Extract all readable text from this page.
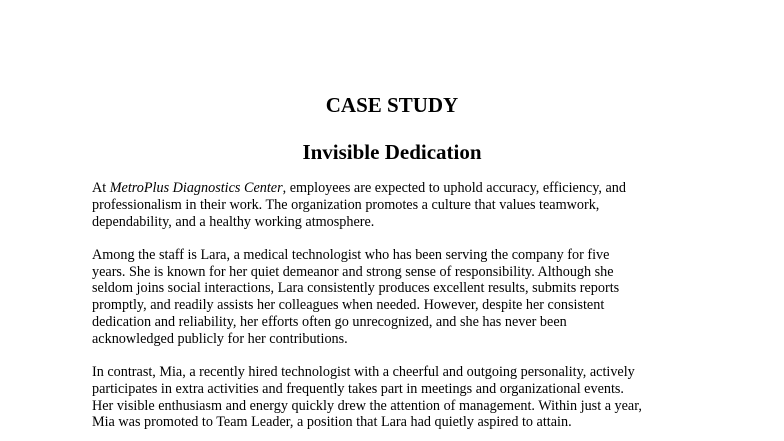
CASE STUDY
Invisible Dedication

At MetroPlus Diagnostics Center, employees are expected to uphold accuracy, efficiency, and
professionalism in their work. The organization promotes a culture that values teamwork,
dependability, and a healthy working atmosphere.

Among the staff is Lara, a medical technologist who has been serving the company for five
years. She is known for her quiet demeanor and strong sense of responsibility. Although she
seldom joins social interactions, Lara consistently produces excellent results, submits reports
promptly, and readily assists her colleagues when needed. However, despite her consistent
dedication and reliability, her efforts often go unrecognized, and she has never been
acknowledged publicly for her contributions.

In contrast, Mia, a recently hired technologist with a cheerful and outgoing personality, actively
participates in extra activities and frequently takes part in meetings and organizational events.
Her visible enthusiasm and energy quickly drew the attention of management. Within just a year,
Mia was promoted to Team Leader, a position that Lara had quietly aspired to attain.
